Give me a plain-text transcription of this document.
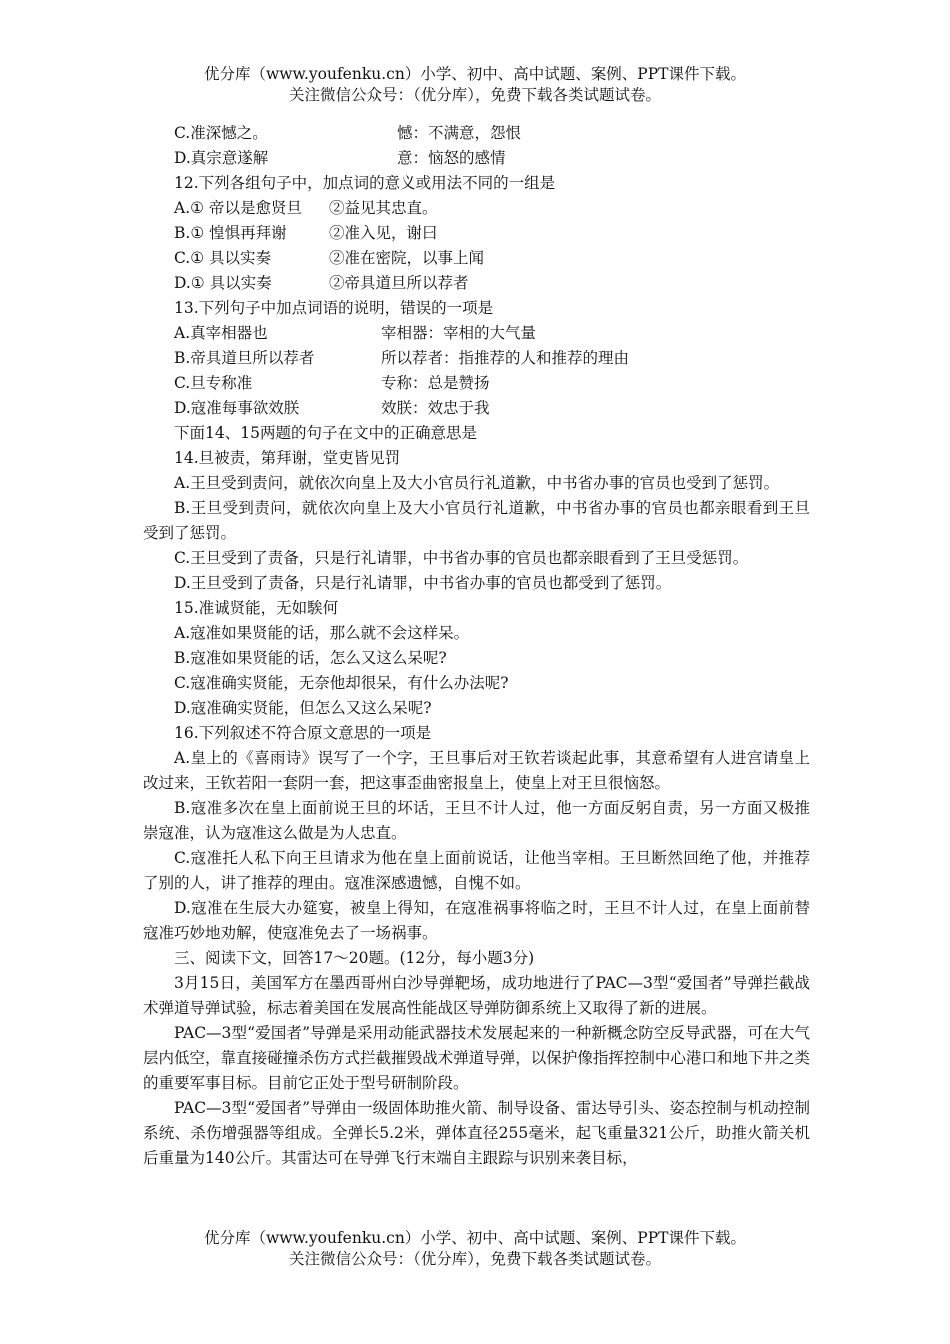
优分库（www.youfenku.cn）小学、初中、高中试题、案例、PPT课件下载。
关注微信公众号：（优分库），免费下载各类试题试卷。
C.准深憾之。	憾：不满意，怨恨
D.真宗意遂解	意：恼怒的感情
12.下列各组句子中，加点词的意义或用法不同的一组是
A.① 帝以是愈贤旦 ②益见其忠直。
B.① 惶惧再拜谢	②准入见，谢曰
C.① 具以实奏	②准在密院，以事上闻
D.① 具以实奏	②帝具道旦所以荐者
13.下列句子中加点词语的说明，错误的一项是
A.真宰相器也	宰相器：宰相的大气量
B.帝具道旦所以荐者	所以荐者：指推荐的人和推荐的理由
C.旦专称准	专称：总是赞扬
D.寇准每事欲效朕	效朕：效忠于我
下面14、15两题的句子在文中的正确意思是
14.旦被责，第拜谢，堂吏皆见罚
A.王旦受到责问，就依次向皇上及大小官员行礼道歉，中书省办事的官员也受到了惩罚。
B.王旦受到责问，就依次向皇上及大小官员行礼道歉，中书省办事的官员也都亲眼看到王旦受到了惩罚。
C.王旦受到了责备，只是行礼请罪，中书省办事的官员也都亲眼看到了王旦受惩罚。
D.王旦受到了责备，只是行礼请罪，中书省办事的官员也都受到了惩罚。
15.准诚贤能，无如騃何
A.寇准如果贤能的话，那么就不会这样呆。
B.寇准如果贤能的话，怎么又这么呆呢?
C.寇准确实贤能，无奈他却很呆，有什么办法呢?
D.寇准确实贤能，但怎么又这么呆呢?
16.下列叙述不符合原文意思的一项是
A.皇上的《喜雨诗》误写了一个字，王旦事后对王钦若谈起此事，其意希望有人进宫请皇上改过来，王钦若阳一套阴一套，把这事歪曲密报皇上，使皇上对王旦很恼怒。
B.寇准多次在皇上面前说王旦的坏话，王旦不计人过，他一方面反躬自责，另一方面又极推崇寇准，认为寇准这么做是为人忠直。
C.寇准托人私下向王旦请求为他在皇上面前说话，让他当宰相。王旦断然回绝了他，并推荐了别的人，讲了推荐的理由。寇准深感遗憾，自愧不如。
D.寇准在生辰大办筵宴，被皇上得知，在寇准祸事将临之时，王旦不计人过，在皇上面前替寇准巧妙地劝解，使寇准免去了一场祸事。
三、阅读下文，回答17～20题。(12分，每小题3分)
3月15日，美国军方在墨西哥州白沙导弹靶场，成功地进行了PAC—3型“爱国者”导弹拦截战术弹道导弹试验，标志着美国在发展高性能战区导弹防御系统上又取得了新的进展。
PAC—3型“爱国者”导弹是采用动能武器技术发展起来的一种新概念防空反导武器，可在大气层内低空，靠直接碰撞杀伤方式拦截摧毁战术弹道导弹，以保护像指挥控制中心港口和地下井之类的重要军事目标。目前它正处于型号研制阶段。
PAC—3型“爱国者”导弹由一级固体助推火箭、制导设备、雷达导引头、姿态控制与机动控制系统、杀伤增强器等组成。全弹长5.2米，弹体直径255毫米，起飞重量321公斤，助推火箭关机后重量为140公斤。其雷达可在导弹飞行末端自主跟踪与识别来袭目标，
优分库（www.youfenku.cn）小学、初中、高中试题、案例、PPT课件下载。
关注微信公众号：（优分库），免费下载各类试题试卷。
